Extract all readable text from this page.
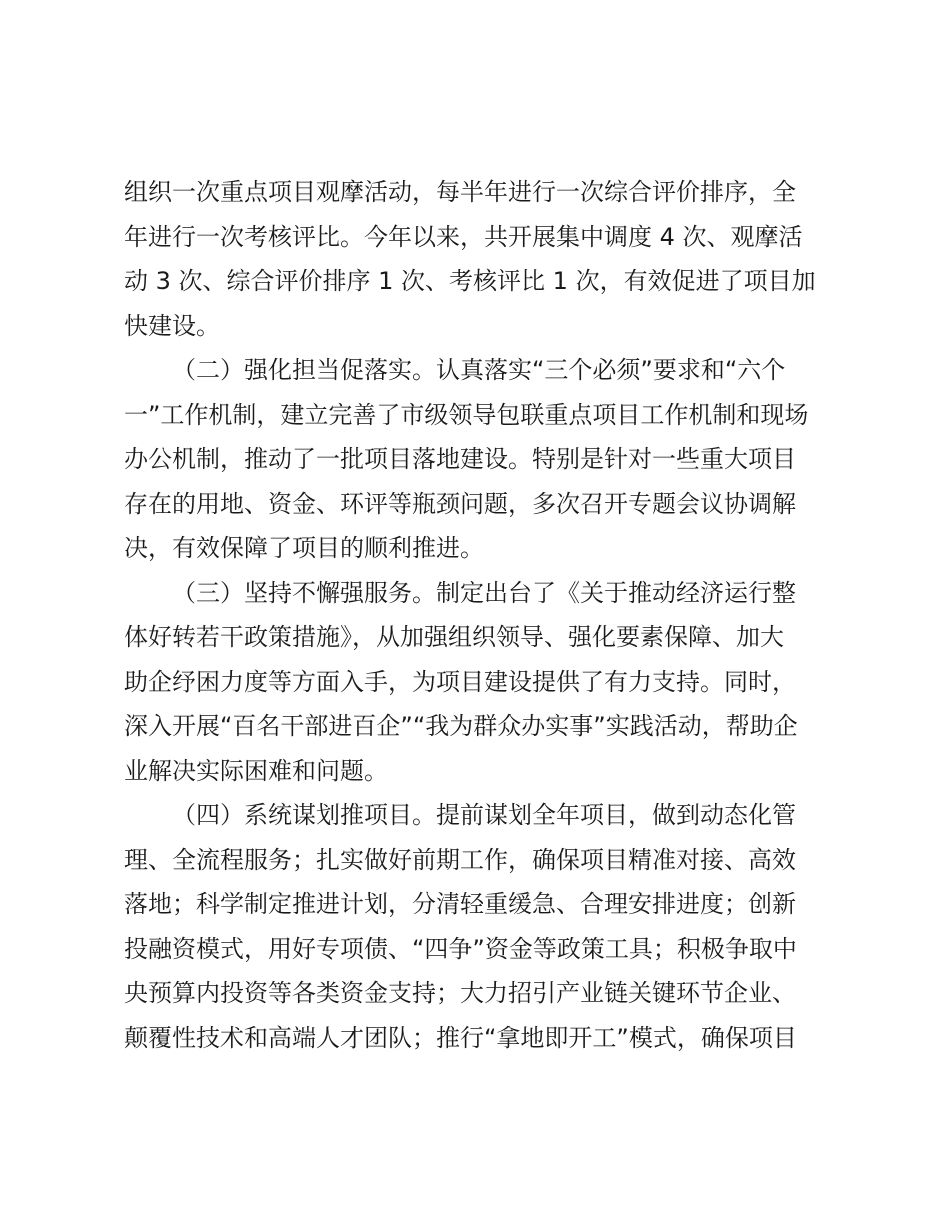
组织一次重点项目观摩活动，每半年进行一次综合评价排序，全
年进行一次考核评比。今年以来，共开展集中调度 4 次、观摩活
动 3 次、综合评价排序 1 次、考核评比 1 次，有效促进了项目加
快建设。
（二）强化担当促落实。认真落实“三个必须”要求和“六个
一”工作机制，建立完善了市级领导包联重点项目工作机制和现场
办公机制，推动了一批项目落地建设。特别是针对一些重大项目
存在的用地、资金、环评等瓶颈问题，多次召开专题会议协调解
决，有效保障了项目的顺利推进。
（三）坚持不懈强服务。制定出台了《关于推动经济运行整
体好转若干政策措施》，从加强组织领导、强化要素保障、加大
助企纾困力度等方面入手，为项目建设提供了有力支持。同时，
深入开展“百名干部进百企”“我为群众办实事”实践活动，帮助企
业解决实际困难和问题。
（四）系统谋划推项目。提前谋划全年项目，做到动态化管
理、全流程服务；扎实做好前期工作，确保项目精准对接、高效
落地；科学制定推进计划，分清轻重缓急、合理安排进度；创新
投融资模式，用好专项债、“四争”资金等政策工具；积极争取中
央预算内投资等各类资金支持；大力招引产业链关键环节企业、
颠覆性技术和高端人才团队；推行“拿地即开工”模式，确保项目
